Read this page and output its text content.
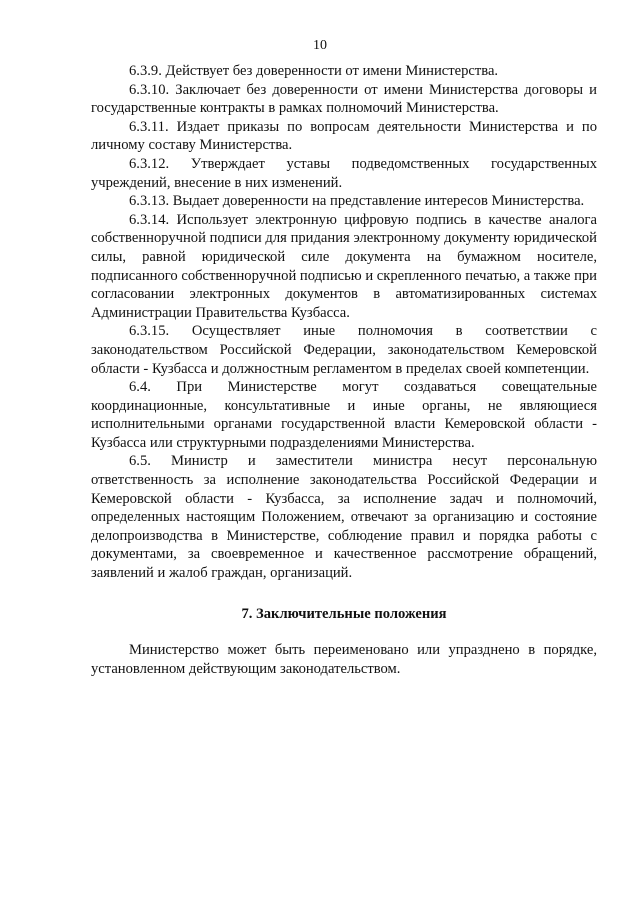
10

6.3.9. Действует без доверенности от имени Министерства.

6.3.10. Заключает без доверенности от имени Министерства договоры и государственные контракты в рамках полномочий Министерства.

6.3.11. Издает приказы по вопросам деятельности Министерства и по личному составу Министерства.

6.3.12. Утверждает уставы подведомственных государственных учреждений, внесение в них изменений.

6.3.13. Выдает доверенности на представление интересов Министерства.

6.3.14. Использует электронную цифровую подпись в качестве аналога собственноручной подписи для придания электронному документу юридической силы, равной юридической силе документа на бумажном носителе, подписанного собственноручной подписью и скрепленного печатью, а также при согласовании электронных документов в автоматизированных системах Администрации Правительства Кузбасса.

6.3.15. Осуществляет иные полномочия в соответствии с законодательством Российской Федерации, законодательством Кемеровской области - Кузбасса и должностным регламентом в пределах своей компетенции.

6.4. При Министерстве могут создаваться совещательные координационные, консультативные и иные органы, не являющиеся исполнительными органами государственной власти Кемеровской области - Кузбасса или структурными подразделениями Министерства.

6.5. Министр и заместители министра несут персональную ответственность за исполнение законодательства Российской Федерации и Кемеровской области - Кузбасса, за исполнение задач и полномочий, определенных настоящим Положением, отвечают за организацию и состояние делопроизводства в Министерстве, соблюдение правил и порядка работы с документами, за своевременное и качественное рассмотрение обращений, заявлений и жалоб граждан, организаций.

7. Заключительные положения

Министерство может быть переименовано или упразднено в порядке, установленном действующим законодательством.
